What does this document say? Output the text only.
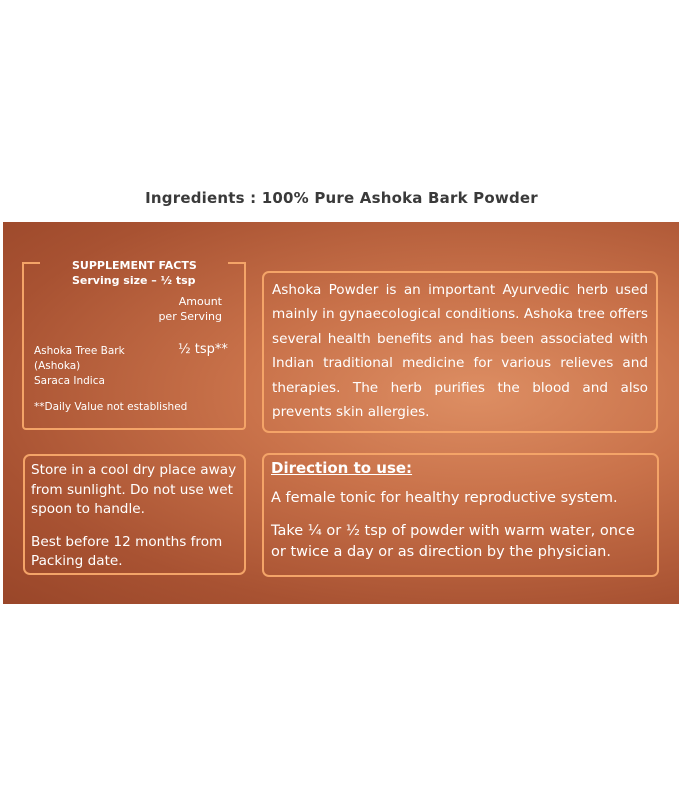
Ingredients : 100% Pure Ashoka Bark Powder
SUPPLEMENT FACTS
Serving size – ½ tsp
Amount
per Serving
Ashoka Tree Bark
(Ashoka)
Saraca Indica
½ tsp**
**Daily Value not established

Ashoka Powder is an important Ayurvedic herb used mainly in gynaecological conditions. Ashoka tree offers several health benefits and has been associated with Indian traditional medicine for various relieves and therapies. The herb purifies the blood and also prevents skin allergies.

Store in a cool dry place away from sunlight. Do not use wet spoon to handle.

Best before 12 months from Packing date.

Direction to use:

A female tonic for healthy reproductive system.

Take ¼ or ½ tsp of powder with warm water, once or twice a day or as direction by the physician.
